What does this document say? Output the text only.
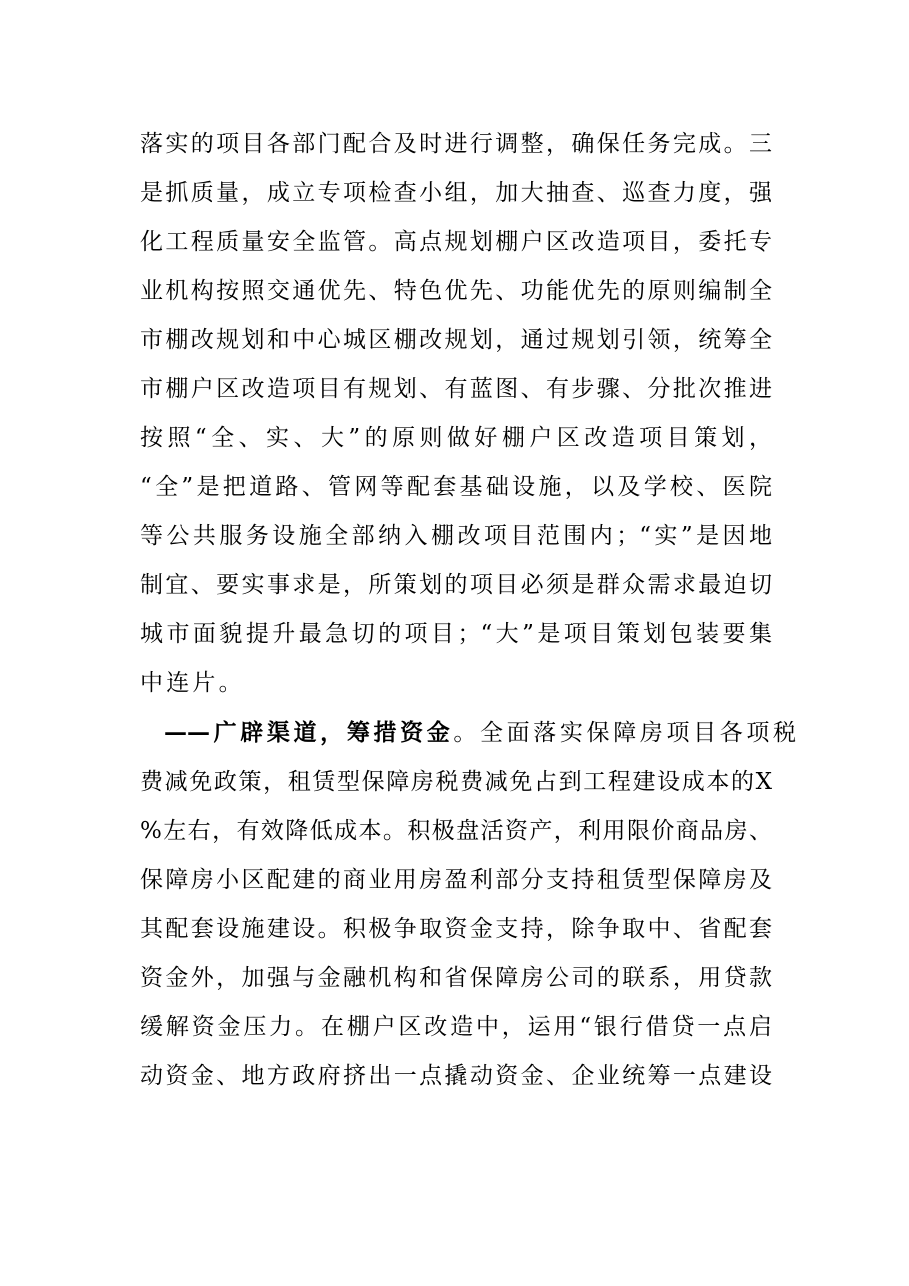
落实的项目各部门配合及时进行调整，确保任务完成。三
是抓质量，成立专项检查小组，加大抽查、巡查力度，强
化工程质量安全监管。高点规划棚户区改造项目，委托专
业机构按照交通优先、特色优先、功能优先的原则编制全
市棚改规划和中心城区棚改规划，通过规划引领，统筹全
市棚户区改造项目有规划、有蓝图、有步骤、分批次推进
按照“全、实、大”的原则做好棚户区改造项目策划，
“全”是把道路、管网等配套基础设施，以及学校、医院
等公共服务设施全部纳入棚改项目范围内；“实”是因地
制宜、要实事求是，所策划的项目必须是群众需求最迫切
城市面貌提升最急切的项目；“大”是项目策划包装要集
中连片。
——广辟渠道，筹措资金。全面落实保障房项目各项税
费减免政策，租赁型保障房税费减免占到工程建设成本的X
%左右，有效降低成本。积极盘活资产，利用限价商品房、
保障房小区配建的商业用房盈利部分支持租赁型保障房及
其配套设施建设。积极争取资金支持，除争取中、省配套
资金外，加强与金融机构和省保障房公司的联系，用贷款
缓解资金压力。在棚户区改造中，运用“银行借贷一点启
动资金、地方政府挤出一点撬动资金、企业统筹一点建设
